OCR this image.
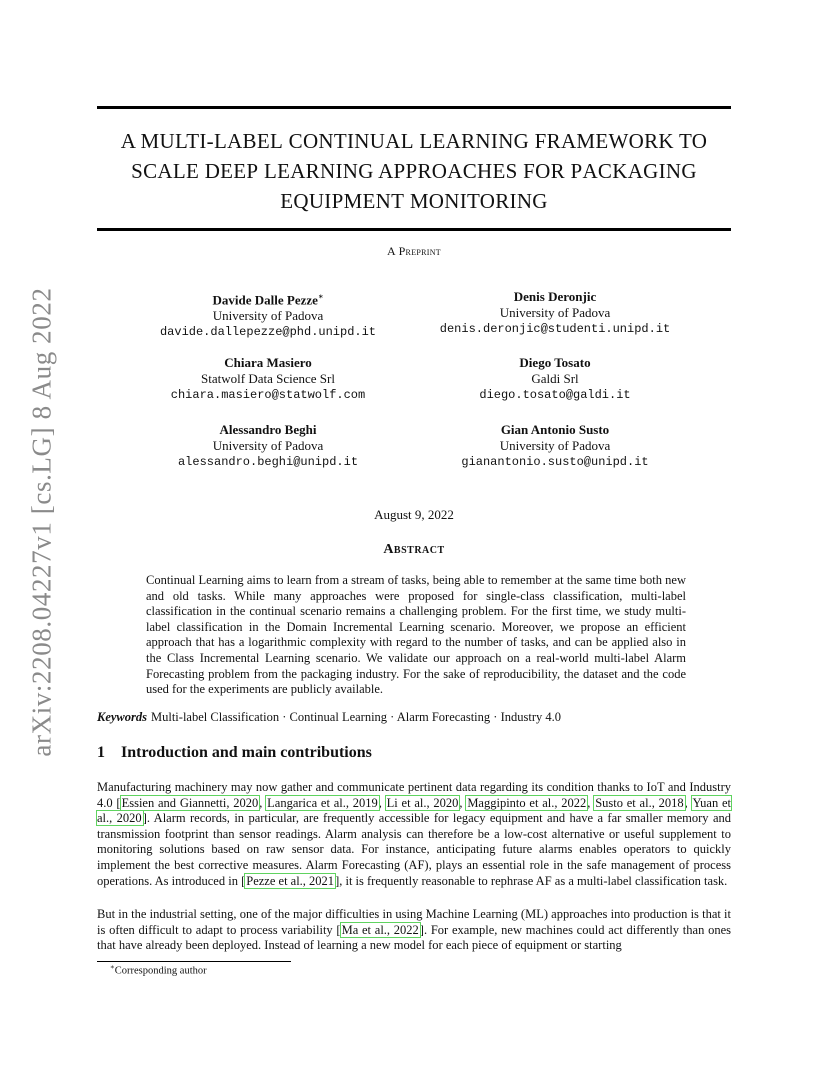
arXiv:2208.04227v1 [cs.LG] 8 Aug 2022
A MULTI-LABEL CONTINUAL LEARNING FRAMEWORK TO
SCALE DEEP LEARNING APPROACHES FOR PACKAGING
EQUIPMENT MONITORING
A Preprint
Davide Dalle Pezze∗
University of Padova
davide.dallepezze@phd.unipd.it
Denis Deronjic
University of Padova
denis.deronjic@studenti.unipd.it
Chiara Masiero
Statwolf Data Science Srl
chiara.masiero@statwolf.com
Diego Tosato
Galdi Srl
diego.tosato@galdi.it
Alessandro Beghi
University of Padova
alessandro.beghi@unipd.it
Gian Antonio Susto
University of Padova
gianantonio.susto@unipd.it
August 9, 2022
Abstract
Continual Learning aims to learn from a stream of tasks, being able to remember at the same time both new and old tasks. While many approaches were proposed for single-class classification, multi-label classification in the continual scenario remains a challenging problem. For the first time, we study multi-label classification in the Domain Incremental Learning scenario. Moreover, we propose an efficient approach that has a logarithmic complexity with regard to the number of tasks, and can be applied also in the Class Incremental Learning scenario. We validate our approach on a real-world multi-label Alarm Forecasting problem from the packaging industry. For the sake of reproducibility, the dataset and the code used for the experiments are publicly available.
Keywords Multi-label Classification · Continual Learning · Alarm Forecasting · Industry 4.0
1 Introduction and main contributions
Manufacturing machinery may now gather and communicate pertinent data regarding its condition thanks to IoT and Industry 4.0 [Essien and Giannetti, 2020, Langarica et al., 2019, Li et al., 2020, Maggipinto et al., 2022, Susto et al., 2018, Yuan et al., 2020]. Alarm records, in particular, are frequently accessible for legacy equipment and have a far smaller memory and transmission footprint than sensor readings. Alarm analysis can therefore be a low-cost alternative or useful supplement to monitoring solutions based on raw sensor data. For instance, anticipating future alarms enables operators to quickly implement the best corrective measures. Alarm Forecasting (AF), plays an essential role in the safe management of process operations. As introduced in [Pezze et al., 2021], it is frequently reasonable to rephrase AF as a multi-label classification task.
But in the industrial setting, one of the major difficulties in using Machine Learning (ML) approaches into production is that it is often difficult to adapt to process variability [Ma et al., 2022]. For example, new machines could act differently than ones that have already been deployed. Instead of learning a new model for each piece of equipment or starting
∗Corresponding author
